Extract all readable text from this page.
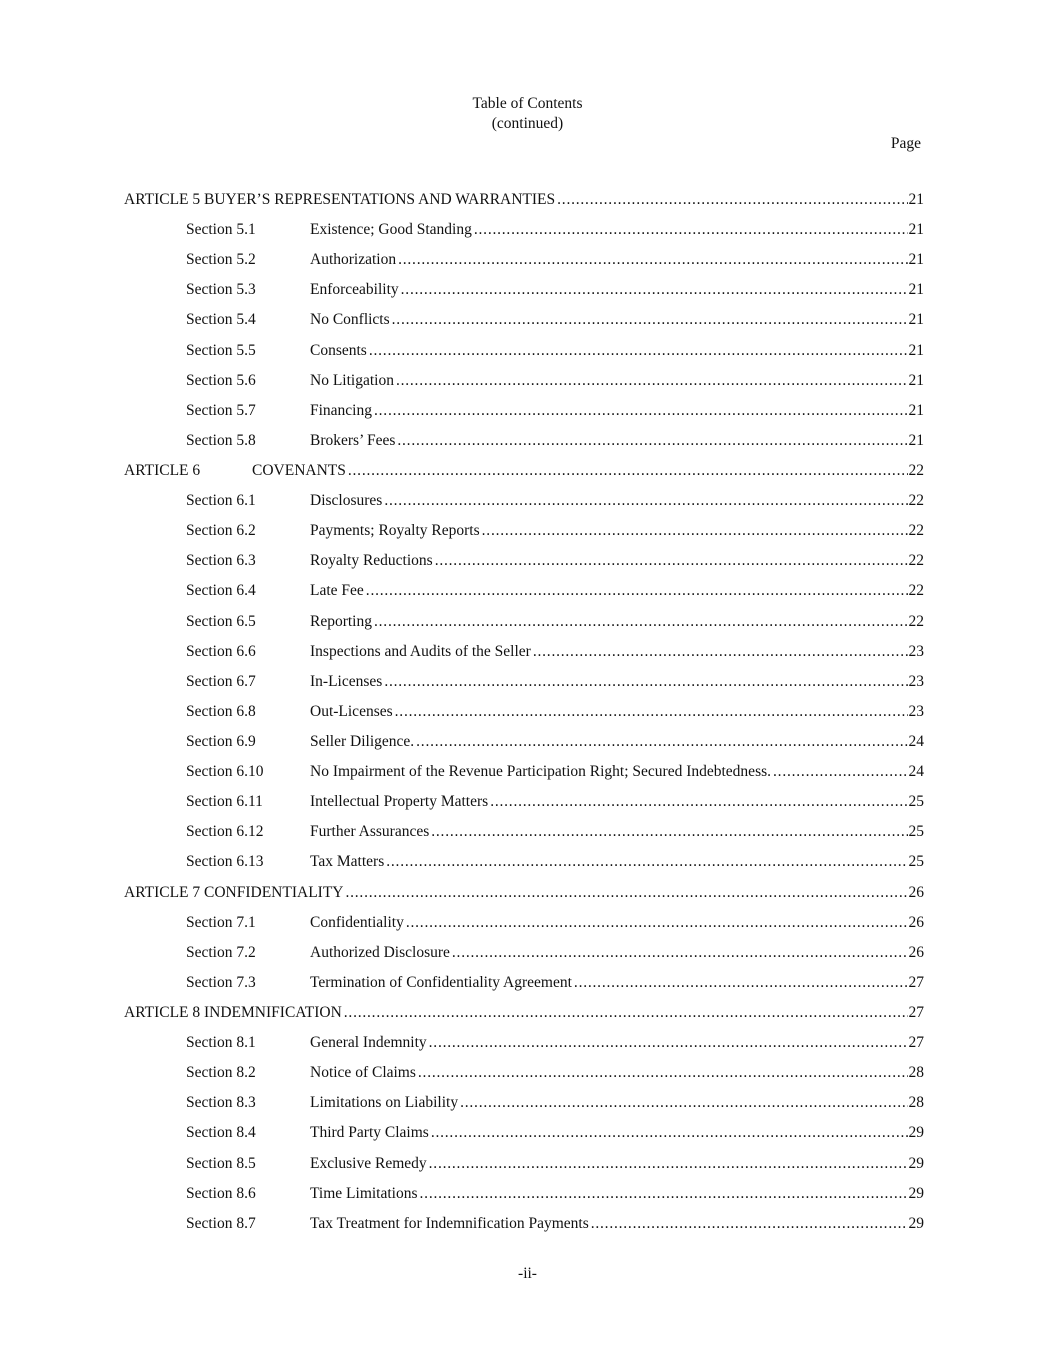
Table of Contents
(continued)
Page
ARTICLE 5 BUYER’S REPRESENTATIONS AND WARRANTIES . . .	21
Section 5.1	Existence; Good Standing . . .	21
Section 5.2	Authorization . . .	21
Section 5.3	Enforceability . . .	21
Section 5.4	No Conflicts . . .	21
Section 5.5	Consents . . .	21
Section 5.6	No Litigation . . .	21
Section 5.7	Financing . . .	21
Section 5.8	Brokers’ Fees . . .	21
ARTICLE 6	COVENANTS . . .	22
Section 6.1	Disclosures . . .	22
Section 6.2	Payments; Royalty Reports . . .	22
Section 6.3	Royalty Reductions . . .	22
Section 6.4	Late Fee . . .	22
Section 6.5	Reporting . . .	22
Section 6.6	Inspections and Audits of the Seller . . .	23
Section 6.7	In-Licenses . . .	23
Section 6.8	Out-Licenses . . .	23
Section 6.9	Seller Diligence. . . .	24
Section 6.10	No Impairment of the Revenue Participation Right; Secured Indebtedness. . . .	24
Section 6.11	Intellectual Property Matters . . .	25
Section 6.12	Further Assurances . . .	25
Section 6.13	Tax Matters . . .	25
ARTICLE 7 CONFIDENTIALITY . . .	26
Section 7.1	Confidentiality . . .	26
Section 7.2	Authorized Disclosure . . .	26
Section 7.3	Termination of Confidentiality Agreement . . .	27
ARTICLE 8 INDEMNIFICATION . . .	27
Section 8.1	General Indemnity . . .	27
Section 8.2	Notice of Claims . . .	28
Section 8.3	Limitations on Liability . . .	28
Section 8.4	Third Party Claims . . .	29
Section 8.5	Exclusive Remedy . . .	29
Section 8.6	Time Limitations . . .	29
Section 8.7	Tax Treatment for Indemnification Payments . . .	29
-ii-
